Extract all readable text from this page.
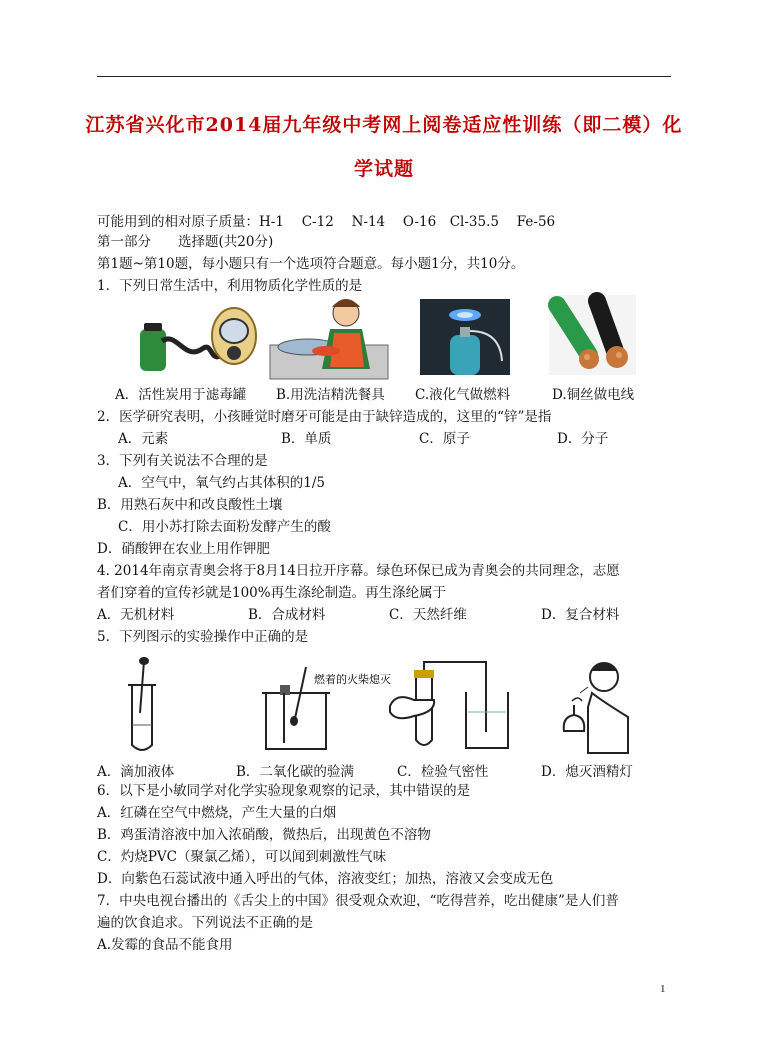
江苏省兴化市2014届九年级中考网上阅卷适应性训练（即二模）化
学试题
可能用到的相对原子质量：H-1　 C-12　 N-14　 O-16　Cl-35.5　 Fe-56
第一部分　　选择题(共20分)
第1题~第10题，每小题只有一个选项符合题意。每小题1分，共10分。
1．下列日常生活中，利用物质化学性质的是
A．活性炭用于滤毒罐 B.用洗洁精洗餐具 C.液化气做燃料	D.铜丝做电线
2．医学研究表明，小孩睡觉时磨牙可能是由于缺锌造成的，这里的“锌”是指
A．元素	B．单质	C．原子	D．分子
3．下列有关说法不合理的是
A．空气中，氧气约占其体积的1/5
B．用熟石灰中和改良酸性土壤
C．用小苏打除去面粉发酵产生的酸
D．硝酸钾在农业上用作钾肥
4. 2014年南京青奥会将于8月14日拉开序幕。绿色环保已成为青奥会的共同理念，志愿
者们穿着的宣传衫就是100%再生涤纶制造。再生涤纶属于
A．无机材料	B．合成材料	C．天然纤维	D．复合材料
5．下列图示的实验操作中正确的是
燃着的火柴熄灭
A．滴加液体	B．二氧化碳的验满	C．检验气密性	D．熄灭酒精灯
6．以下是小敏同学对化学实验现象观察的记录，其中错误的是
A．红磷在空气中燃烧，产生大量的白烟
B．鸡蛋清溶液中加入浓硝酸，微热后，出现黄色不溶物
C．灼烧PVC（聚氯乙烯），可以闻到刺激性气味
D．向紫色石蕊试液中通入呼出的气体，溶液变红；加热，溶液又会变成无色
7．中央电视台播出的《舌尖上的中国》很受观众欢迎，“吃得营养，吃出健康”是人们普
遍的饮食追求。下列说法不正确的是
A.发霉的食品不能食用
1
